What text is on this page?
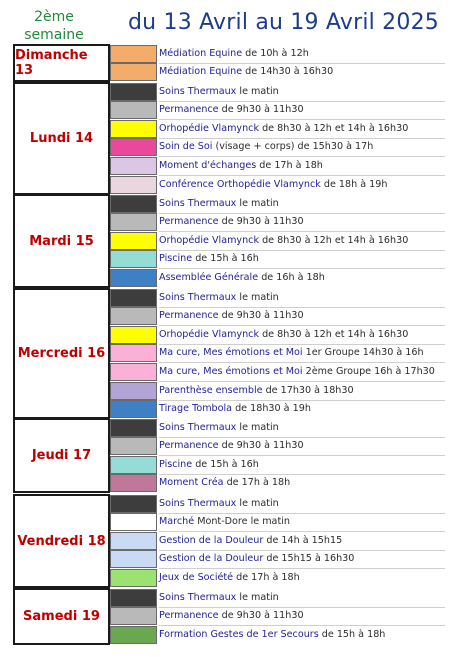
2ème semaine	du 13 Avril au 19 Avril 2025
Dimanche 13
Médiation Equine de 10h à 12h
Médiation Equine de 14h30 à 16h30
Lundi 14
Soins Thermaux le matin
Permanence de 9h30 à 11h30
Orhopédie Vlamynck de 8h30 à 12h et 14h à 16h30
Soin de Soi (visage + corps) de 15h30 à 17h
Moment d'échanges de 17h à 18h
Conférence Orthopédie Vlamynck de 18h à 19h
Mardi 15
Soins Thermaux le matin
Permanence de 9h30 à 11h30
Orhopédie Vlamynck de 8h30 à 12h et 14h à 16h30
Piscine de 15h à 16h
Assemblée Générale de 16h à 18h
Mercredi 16
Soins Thermaux le matin
Permanence de 9h30 à 11h30
Orhopédie Vlamynck de 8h30 à 12h et 14h à 16h30
Ma cure, Mes émotions et Moi 1er Groupe 14h30 à 16h
Ma cure, Mes émotions et Moi 2ème Groupe 16h à 17h30
Parenthèse ensemble de 17h30 à 18h30
Tirage Tombola de 18h30 à 19h
Jeudi 17
Soins Thermaux le matin
Permanence de 9h30 à 11h30
Piscine de 15h à 16h
Moment Créa de 17h à 18h
Vendredi 18
Soins Thermaux le matin
Marché Mont-Dore le matin
Gestion de la Douleur de 14h à 15h15
Gestion de la Douleur de 15h15 à 16h30
Jeux de Société de 17h à 18h
Samedi 19
Soins Thermaux le matin
Permanence de 9h30 à 11h30
Formation Gestes de 1er Secours de 15h à 18h
